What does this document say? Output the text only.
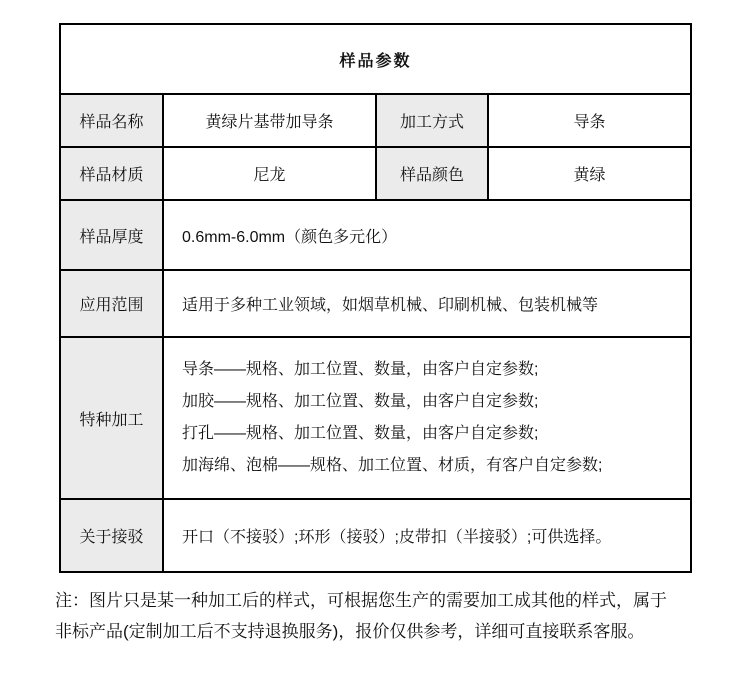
样品参数			
样品名称	黄绿片基带加导条	加工方式	导条
样品材质	尼龙	样品颜色	黄绿
样品厚度	0.6mm-6.0mm（颜色多元化）		
应用范围	适用于多种工业领域，如烟草机械、印刷机械、包装机械等		
特种加工	导条——规格、加工位置、数量，由客户自定参数;
加胶——规格、加工位置、数量，由客户自定参数;
打孔——规格、加工位置、数量，由客户自定参数;
加海绵、泡棉——规格、加工位置、材质，有客户自定参数;		

关于接驳	开口（不接驳）;环形（接驳）;皮带扣（半接驳）;可供选择。		
注：图片只是某一种加工后的样式，可根据您生产的需要加工成其他的样式，属于
非标产品(定制加工后不支持退换服务)，报价仅供参考，详细可直接联系客服。
